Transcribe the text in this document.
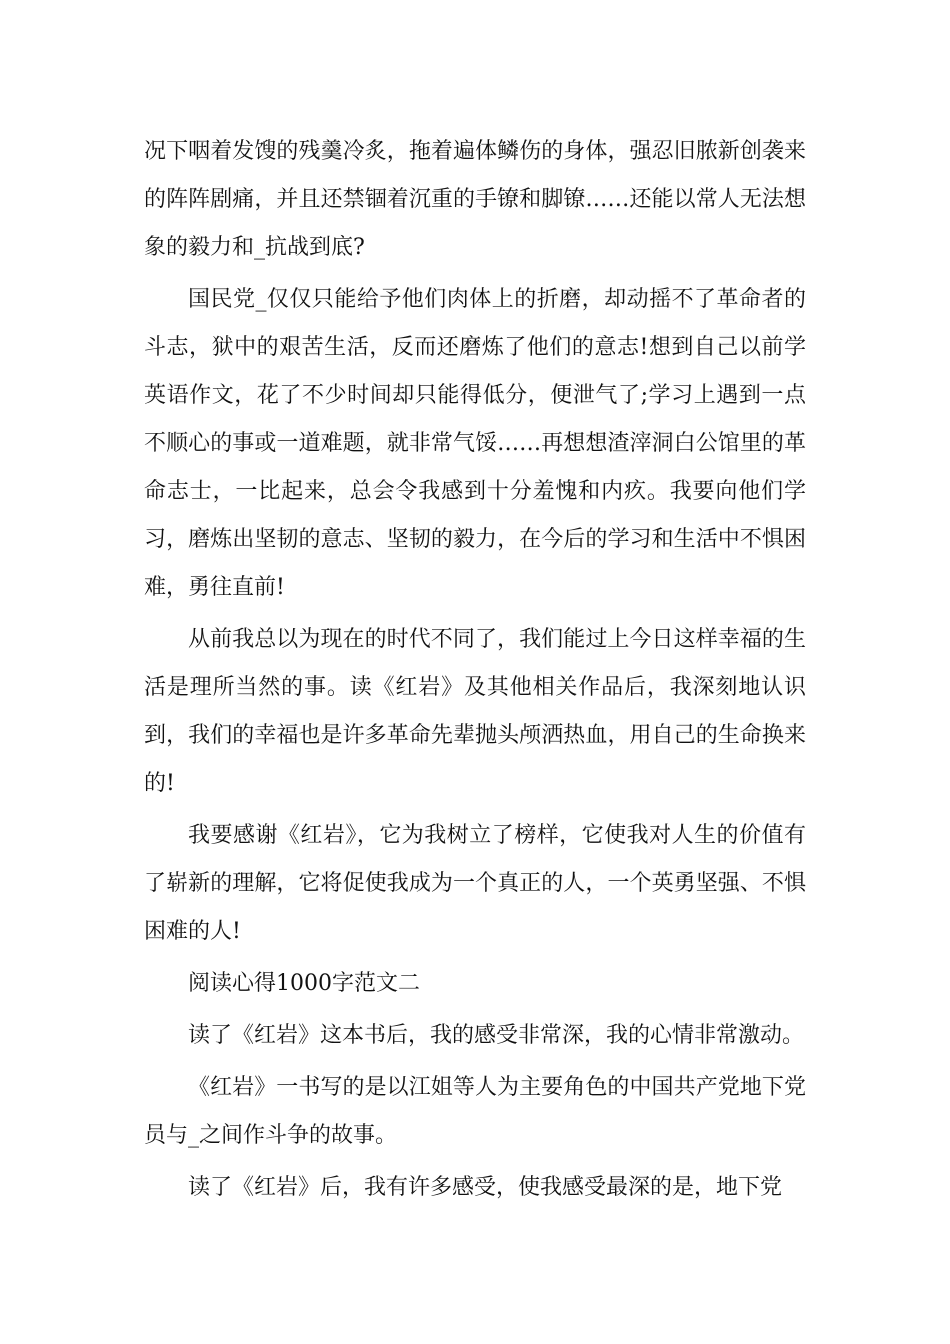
况下咽着发馊的残羹冷炙，拖着遍体鳞伤的身体，强忍旧脓新创袭来的阵阵剧痛，并且还禁锢着沉重的手镣和脚镣……还能以常人无法想象的毅力和_抗战到底?

国民党_仅仅只能给予他们肉体上的折磨，却动摇不了革命者的斗志，狱中的艰苦生活，反而还磨炼了他们的意志!想到自己以前学英语作文，花了不少时间却只能得低分，便泄气了;学习上遇到一点不顺心的事或一道难题，就非常气馁……再想想渣滓洞白公馆里的革命志士，一比起来，总会令我感到十分羞愧和内疚。我要向他们学习，磨炼出坚韧的意志、坚韧的毅力，在今后的学习和生活中不惧困难，勇往直前!

从前我总以为现在的时代不同了，我们能过上今日这样幸福的生活是理所当然的事。读《红岩》及其他相关作品后，我深刻地认识到，我们的幸福也是许多革命先辈抛头颅洒热血，用自己的生命换来的!

我要感谢《红岩》，它为我树立了榜样，它使我对人生的价值有了崭新的理解，它将促使我成为一个真正的人，一个英勇坚强、不惧困难的人!

阅读心得1000字范文二

读了《红岩》这本书后，我的感受非常深，我的心情非常激动。

《红岩》一书写的是以江姐等人为主要角色的中国共产党地下党员与_之间作斗争的故事。

读了《红岩》后，我有许多感受，使我感受最深的是，地下党
